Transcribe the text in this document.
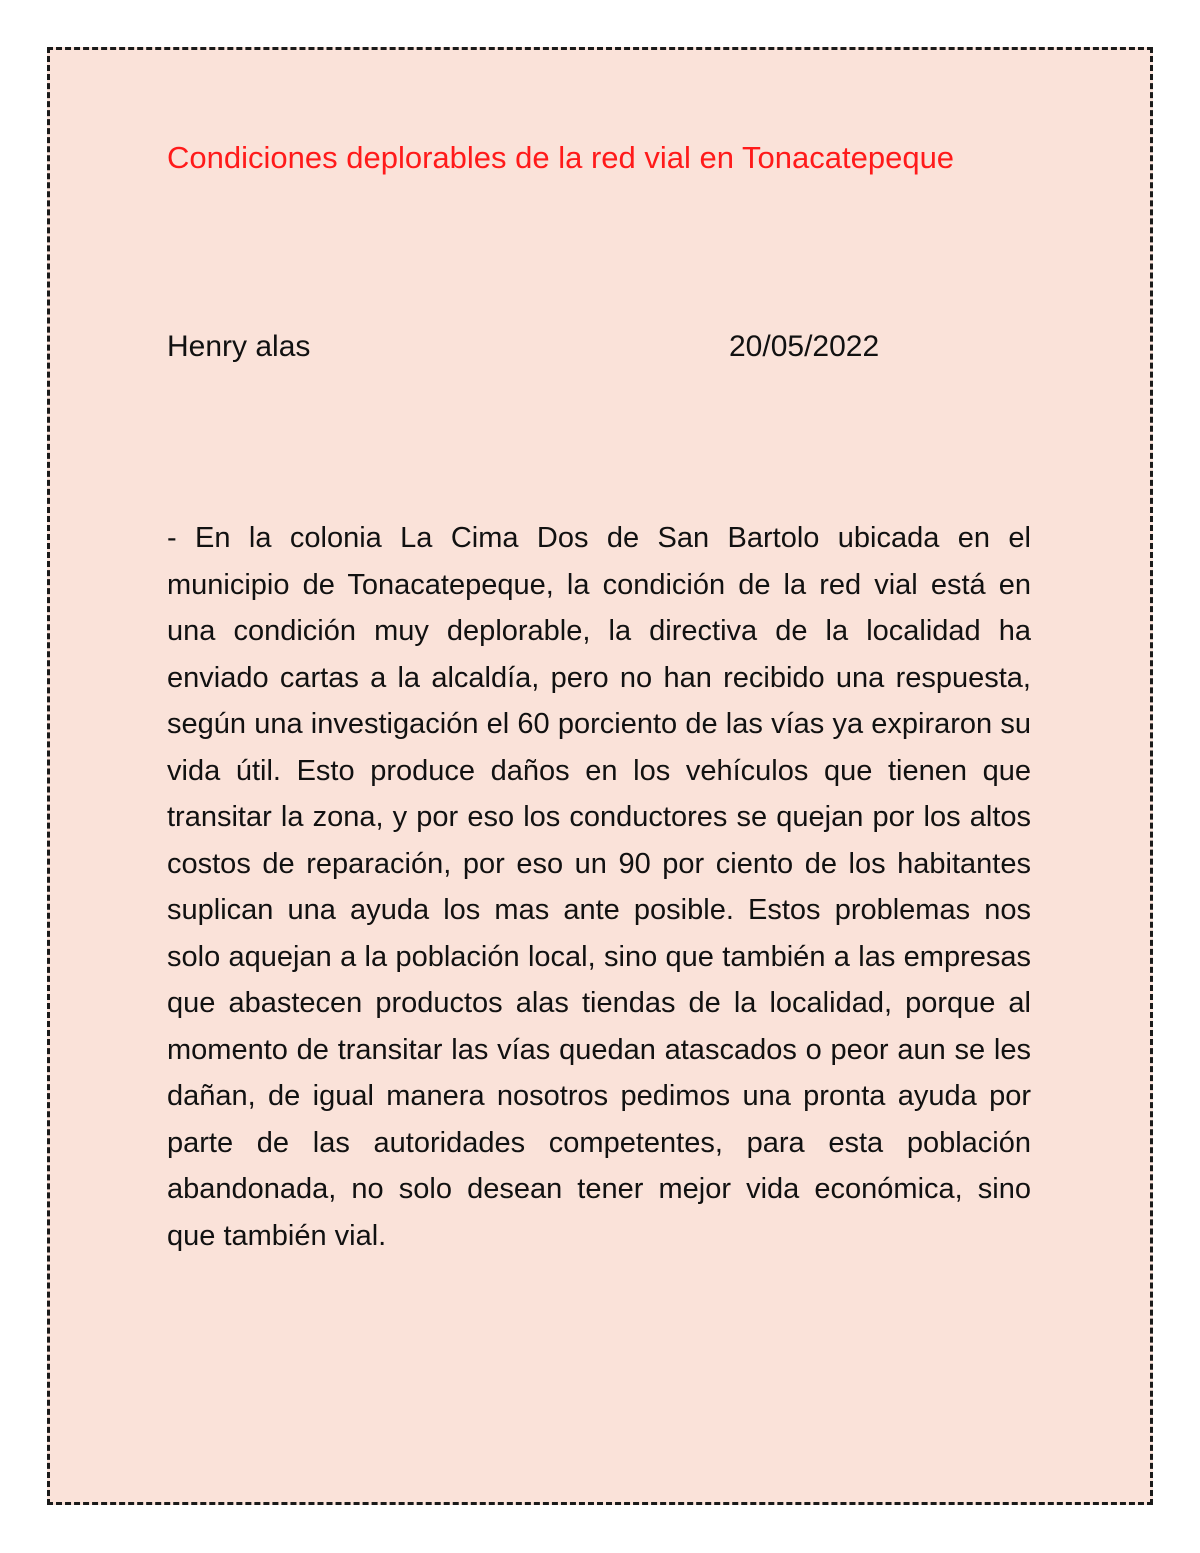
Condiciones deplorables de la red vial en Tonacatepeque
Henry alas	20/05/2022

- En la colonia La Cima Dos de San Bartolo ubicada en el municipio de Tonacatepeque, la condición de la red vial está en una condición muy deplorable, la directiva de la localidad ha enviado cartas a la alcaldía, pero no han recibido una respuesta, según una investigación el 60 porciento de las vías ya expiraron su vida útil. Esto produce daños en los vehículos que tienen que transitar la zona, y por eso los conductores se quejan por los altos costos de reparación, por eso un 90 por ciento de los habitantes suplican una ayuda los mas ante posible. Estos problemas nos solo aquejan a la población local, sino que también a las empresas que abastecen productos alas tiendas de la localidad, porque al momento de transitar las vías quedan atascados o peor aun se les dañan, de igual manera nosotros pedimos una pronta ayuda por parte de las autoridades competentes, para esta población abandonada, no solo desean tener mejor vida económica, sino que también vial.
